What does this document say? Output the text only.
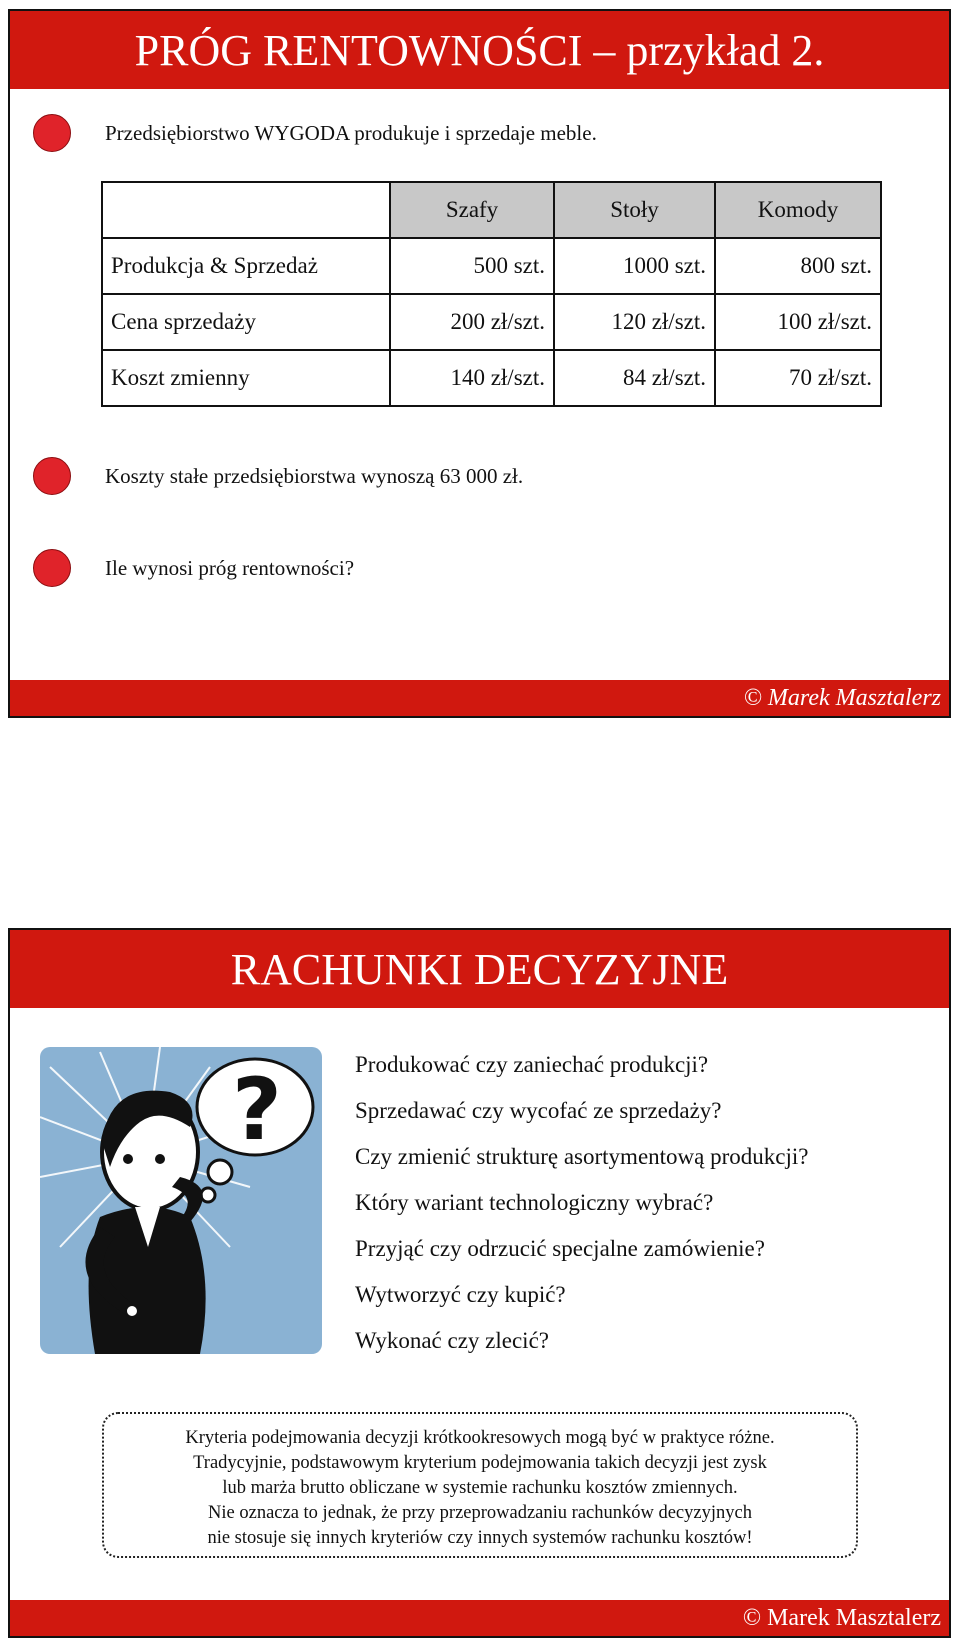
PRÓG RENTOWNOŚCI – przykład 2.
Przedsiębiorstwo WYGODA produkuje i sprzedaje meble.
	Szafy	Stoły	Komody
Produkcja & Sprzedaż	500 szt.	1000 szt.	800 szt.
Cena sprzedaży	200 zł/szt.	120 zł/szt.	100 zł/szt.
Koszt zmienny	140 zł/szt.	84 zł/szt.	70 zł/szt.
Koszty stałe przedsiębiorstwa wynoszą 63 000 zł.
Ile wynosi próg rentowności?
© Marek Masztalerz
RACHUNKI DECYZYJNE
?	Produkować czy zaniechać produkcji?
Sprzedawać czy wycofać ze sprzedaży?
Czy zmienić strukturę asortymentową produkcji?
Który wariant technologiczny wybrać?
Przyjąć czy odrzucić specjalne zamówienie?
Wytworzyć czy kupić?
Wykonać czy zlecić?
Kryteria podejmowania decyzji krótkookresowych mogą być w praktyce różne.
Tradycyjnie, podstawowym kryterium podejmowania takich decyzji jest zysk
lub marża brutto obliczane w systemie rachunku kosztów zmiennych.
Nie oznacza to jednak, że przy przeprowadzaniu rachunków decyzyjnych
nie stosuje się innych kryteriów czy innych systemów rachunku kosztów!
© Marek Masztalerz
